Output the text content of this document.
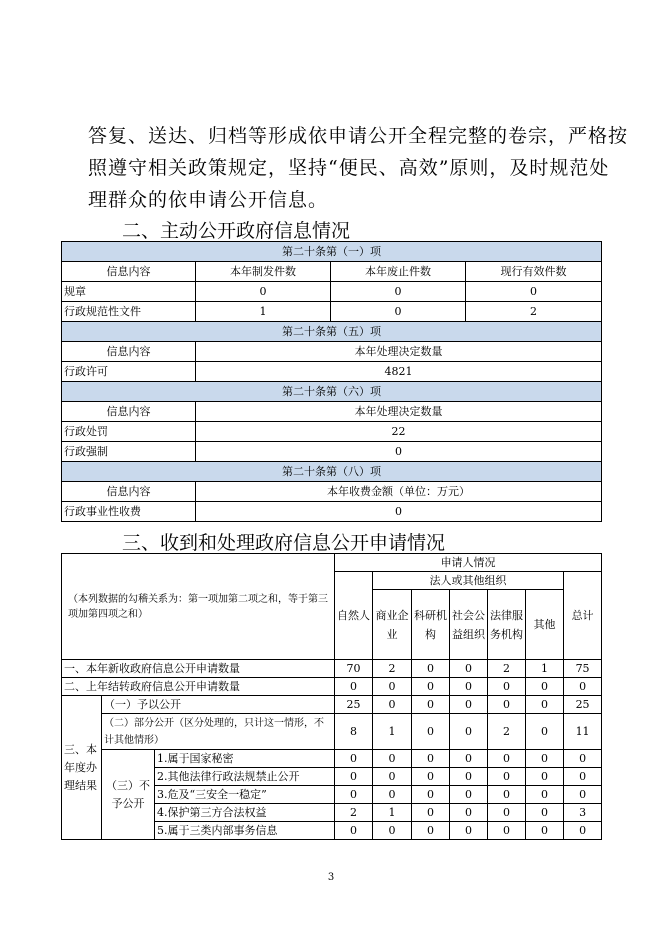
答复、送达、归档等形成依申请公开全程完整的卷宗，严格按
照遵守相关政策规定，坚持“便民、高效”原则，及时规范处
理群众的依申请公开信息。
二、主动公开政府信息情况
第二十条第（一）项			
信息内容	本年制发件数	本年废止件数	现行有效件数
规章	0	0	0
行政规范性文件	1	0	2
第二十条第（五）项			
信息内容	本年处理决定数量		
行政许可	4821		
第二十条第（六）项			
信息内容	本年处理决定数量		
行政处罚	22		
行政强制	0		
第二十条第（八）项			
信息内容	本年收费金额（单位：万元）		
行政事业性收费	0		
三、收到和处理政府信息公开申请情况
（本列数据的勾稽关系为：第一项加第二项之和，等于第三项加第四项之和）			申请人情况						
			自然人	法人或其他组织					总计
				商业企业	科研机构	社会公益组织	法律服务机构	其他	
一、本年新收政府信息公开申请数量			70	2	0	0	2	1	75
二、上年结转政府信息公开申请数量			0	0	0	0	0	0	0
三、本年度办理结果	（一）予以公开		25	0	0	0	0	0	25
	（二）部分公开（区分处理的，只计这一情形，不计其他情形）		8	1	0	0	2	0	11
	（三）不予公开	1.属于国家秘密	0	0	0	0	0	0	0
		2.其他法律行政法规禁止公开	0	0	0	0	0	0	0
		3.危及“三安全一稳定”	0	0	0	0	0	0	0
		4.保护第三方合法权益	2	1	0	0	0	0	3
		5.属于三类内部事务信息	0	0	0	0	0	0	0
3
